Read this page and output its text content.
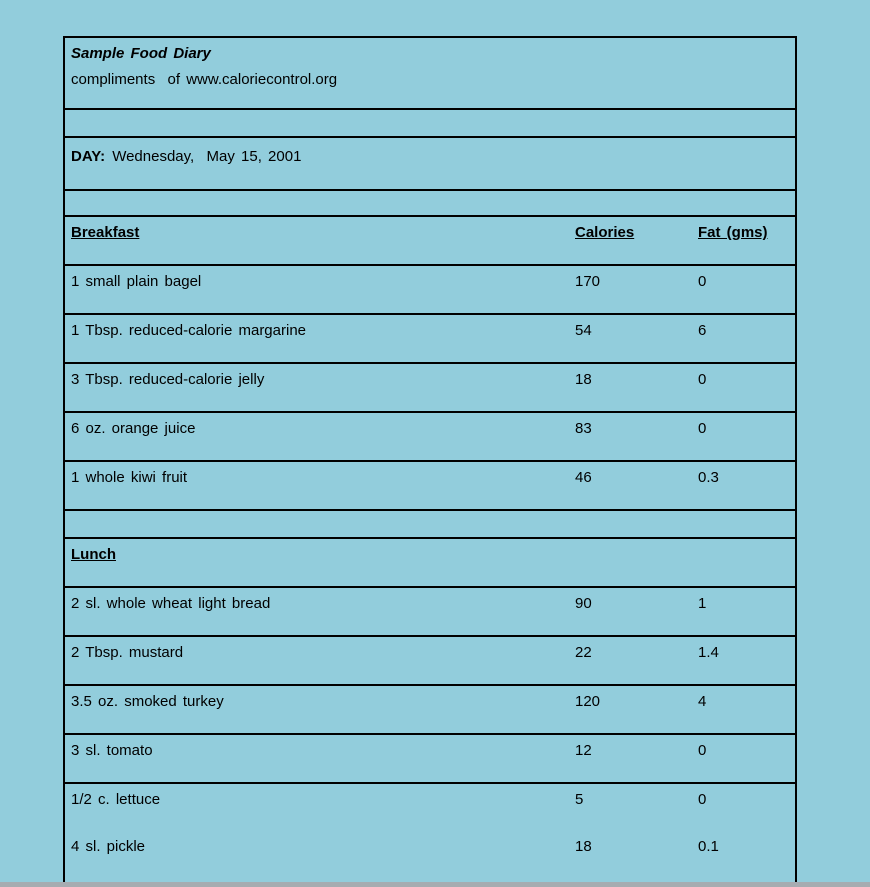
Sample Food Diary
compliments  of www.caloriecontrol.org
DAY: Wednesday,  May 15, 2001
Breakfast	Calories	Fat (gms)
1 small plain bagel	170	0
1 Tbsp. reduced-calorie margarine	54	6
3 Tbsp. reduced-calorie jelly	18	0
6 oz. orange juice	83	0
1 whole kiwi fruit	46	0.3
Lunch
2 sl. whole wheat light bread	90	1
2 Tbsp. mustard	22	1.4
3.5 oz. smoked turkey	120	4
3 sl. tomato	12	0
1/2 c. lettuce	5	0
4 sl. pickle	18	0.1
